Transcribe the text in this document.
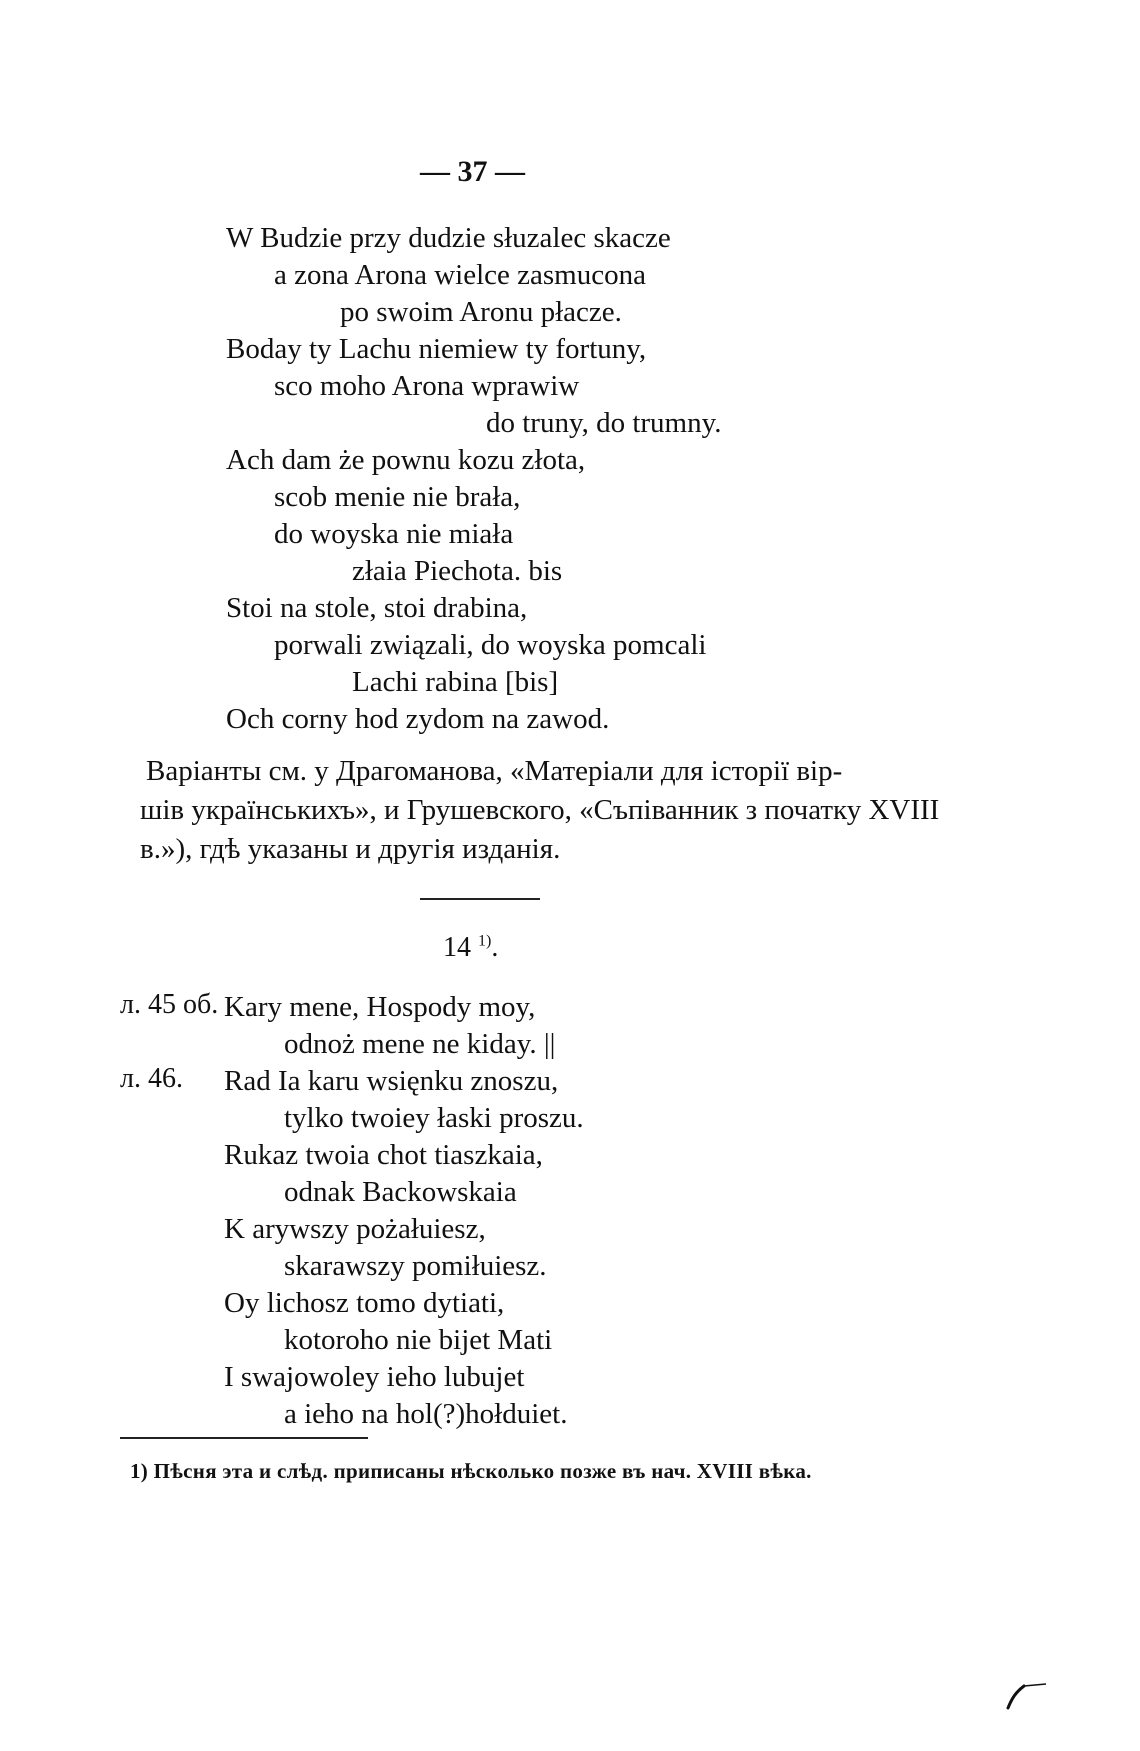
— 37 —
W Budzie przy dudzie słuzalec skacze
a zona Arona wielce zasmucona
po swoim Aronu płacze.
Boday ty Lachu niemiew ty fortuny,
sco moho Arona wprawiw
do truny, do trumny.
Ach dam że pownu kozu złota,
scob menie nie brała,
do woyska nie miała
złaia Piechota. bis
Stoi na stole, stoi drabina,
porwali związali, do woyska pomcali
Lachi rabina [bis]
Och corny hod zydom na zawod.

Варіанты см. у Драгоманова, «Матеріали для історії вір-

шів українськихъ», и Грушевского, «Съпіванник з початку XVIII

в.»), гдѣ указаны и другія изданія.

14 $^{1)}$.
л. 45 об.
л. 46.
Kary mene, Hospody moy,
odnoż mene ne kiday. ||
Rad Ia karu wsięnku znoszu,
tylko twoiey łaski proszu.
Rukaz twoia chot tiaszkaia,
odnak Backowskaia
K arywszy pożałuiesz,
skarawszy pomiłuiesz.
Oy lichosz tomo dytiati,
kotoroho nie bijet Mati
I swajowoley ieho lubujet
a ieho na hol(?)hołduiet.
1) Пѣсня эта и слѣд. приписаны нѣсколько позже въ нач. XVIII вѣка.
